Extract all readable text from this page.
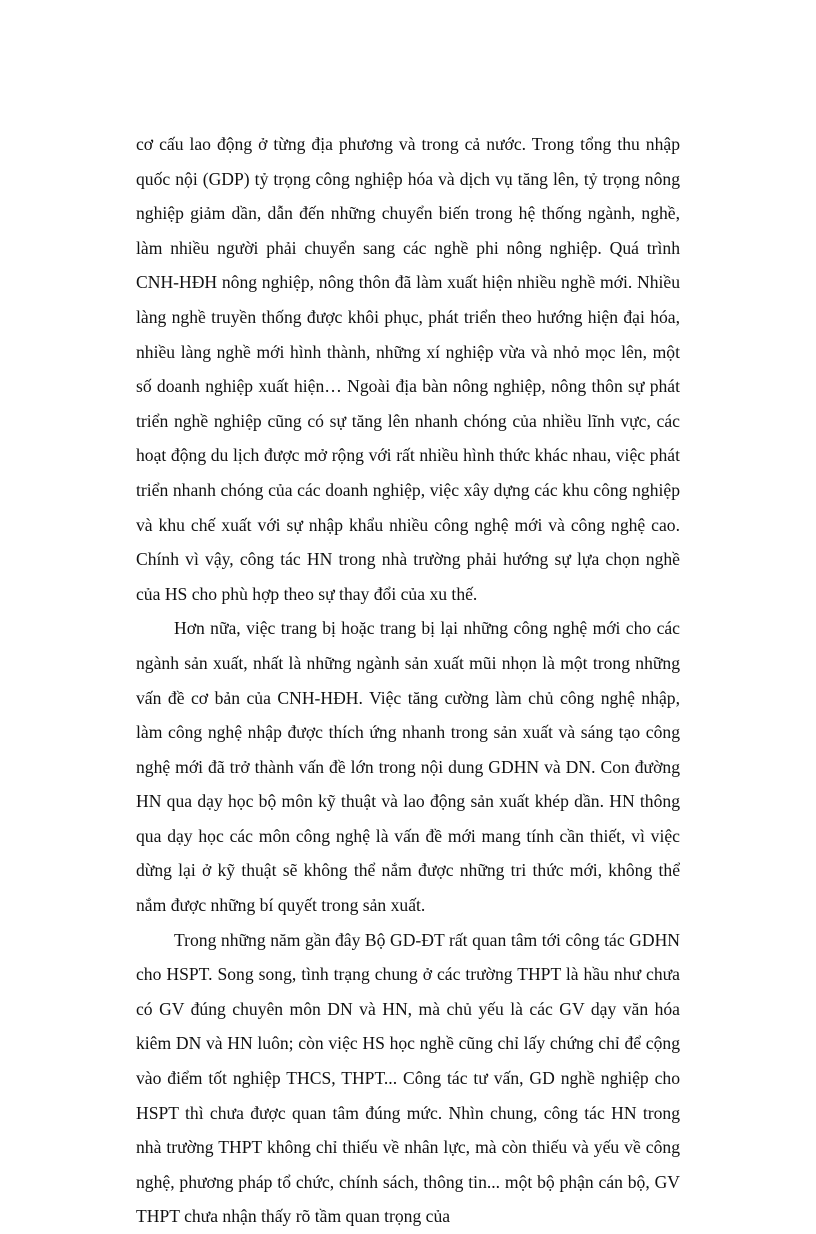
cơ cấu lao động ở từng địa phương và trong cả nước. Trong tổng thu nhập quốc nội (GDP) tỷ trọng công nghiệp hóa và dịch vụ tăng lên, tỷ trọng nông nghiệp giảm dần, dẫn đến những chuyển biến trong hệ thống ngành, nghề, làm nhiều người phải chuyển sang các nghề phi nông nghiệp. Quá trình CNH-HĐH nông nghiệp, nông thôn đã làm xuất hiện nhiều nghề mới. Nhiều làng nghề truyền thống được khôi phục, phát triển theo hướng hiện đại hóa, nhiều làng nghề mới hình thành, những xí nghiệp vừa và nhỏ mọc lên, một số doanh nghiệp xuất hiện… Ngoài địa bàn nông nghiệp, nông thôn sự phát triển nghề nghiệp cũng có sự tăng lên nhanh chóng của nhiều lĩnh vực, các hoạt động du lịch được mở rộng với rất nhiều hình thức khác nhau, việc phát triển nhanh chóng của các doanh nghiệp, việc xây dựng các khu công nghiệp và khu chế xuất với sự nhập khẩu nhiều công nghệ mới và công nghệ cao. Chính vì vậy, công tác HN trong nhà trường phải hướng sự lựa chọn nghề của HS cho phù hợp theo sự thay đổi của xu thế.

Hơn nữa, việc trang bị hoặc trang bị lại những công nghệ mới cho các ngành sản xuất, nhất là những ngành sản xuất mũi nhọn là một trong những vấn đề cơ bản của CNH-HĐH. Việc tăng cường làm chủ công nghệ nhập, làm công nghệ nhập được thích ứng nhanh trong sản xuất và sáng tạo công nghệ mới đã trở thành vấn đề lớn trong nội dung GDHN và DN. Con đường HN qua dạy học bộ môn kỹ thuật và lao động sản xuất khép dần. HN thông qua dạy học các môn công nghệ là vấn đề mới mang tính cần thiết, vì việc dừng lại ở kỹ thuật sẽ không thể nắm được những tri thức mới, không thể nắm được những bí quyết trong sản xuất.

Trong những năm gần đây Bộ GD-ĐT rất quan tâm tới công tác GDHN cho HSPT. Song song, tình trạng chung ở các trường THPT là hầu như chưa có GV đúng chuyên môn DN và HN, mà chủ yếu là các GV dạy văn hóa kiêm DN và HN luôn; còn việc HS học nghề cũng chỉ lấy chứng chỉ để cộng vào điểm tốt nghiệp THCS, THPT... Công tác tư vấn, GD nghề nghiệp cho HSPT thì chưa được quan tâm đúng mức. Nhìn chung, công tác HN trong nhà trường THPT không chỉ thiếu về nhân lực, mà còn thiếu và yếu về công nghệ, phương pháp tổ chức, chính sách, thông tin... một bộ phận cán bộ, GV THPT chưa nhận thấy rõ tầm quan trọng của
